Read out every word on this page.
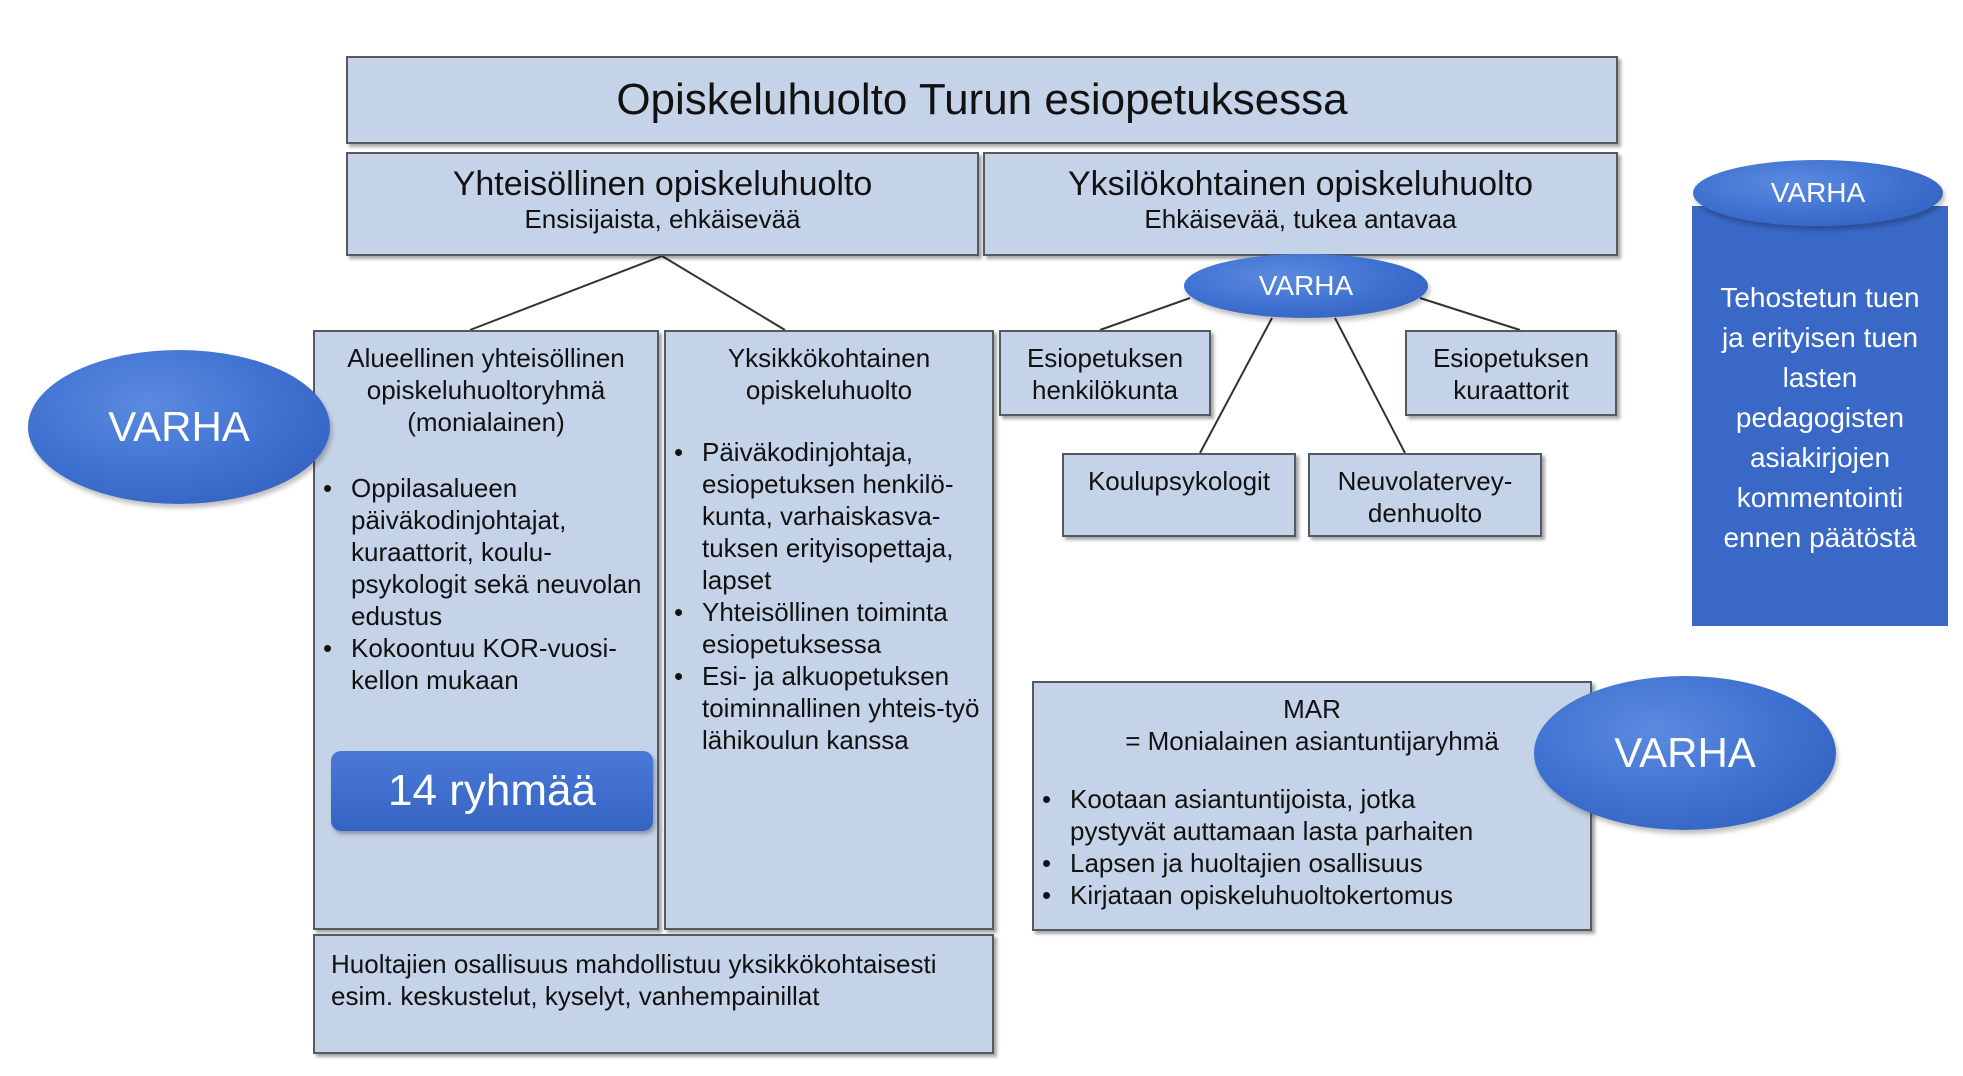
Opiskeluhuolto Turun esiopetuksessa
Yhteisöllinen opiskeluhuolto
Ensisijaista, ehkäisevää
Yksilökohtainen opiskeluhuolto
Ehkäisevää, tukea antavaa
Alueellinen yhteisöllinen opiskeluhuoltoryhmä (monialainen)
• Oppilasalueen päiväkodinjohtajat, kuraattorit, koulu-psykologit sekä neuvolan edustus
• Kokoontuu KOR-vuosi-kellon mukaan
14 ryhmää
Yksikkökohtainen opiskeluhuolto
• Päiväkodinjohtaja, esiopetuksen henkilö-kunta, varhaiskasva-tuksen erityisopettaja, lapset
• Yhteisöllinen toiminta esiopetuksessa
• Esi- ja alkuopetuksen toiminnallinen yhteis-työ lähikoulun kanssa
Huoltajien osallisuus mahdollistuu yksikkökohtaisesti esim. keskustelut, kyselyt, vanhempainillat
Esiopetuksen henkilökunta
Esiopetuksen kuraattorit
Koulupsykologit	Neuvolatervey-denhuolto
MAR
= Monialainen asiantuntijaryhmä
• Kootaan asiantuntijoista, jotka pystyvät auttamaan lasta parhaiten
• Lapsen ja huoltajien osallisuus
• Kirjataan opiskeluhuoltokertomus
VARHA
VARHA
VARHA
Tehostetun tuen ja erityisen tuen lasten pedagogisten asiakirjojen kommentointi ennen päätöstä
VARHA
